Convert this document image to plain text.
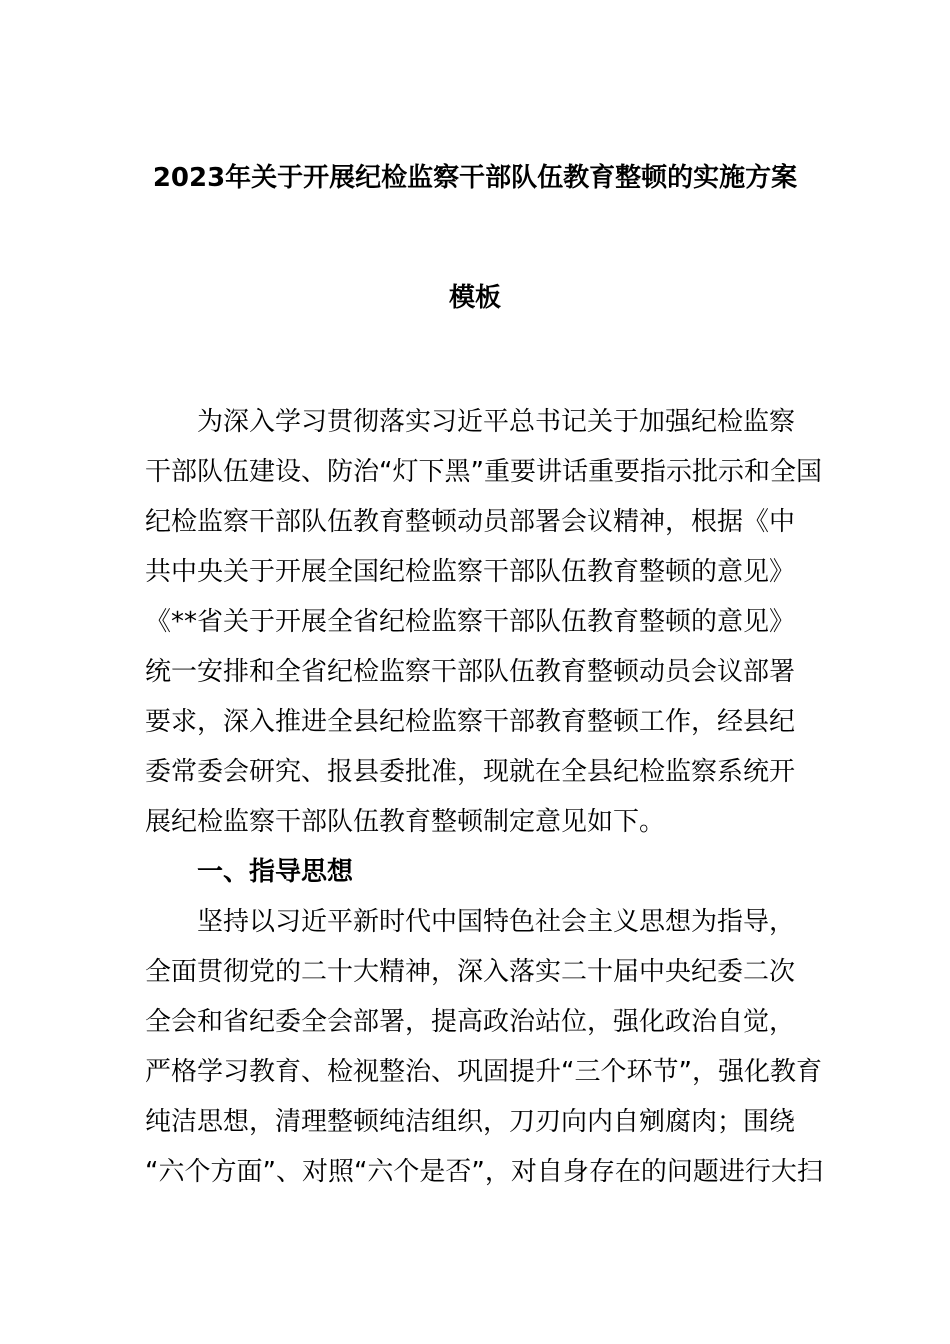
2023年关于开展纪检监察干部队伍教育整顿的实施方案
模板
为深入学习贯彻落实习近平总书记关于加强纪检监察
干部队伍建设、防治“灯下黑”重要讲话重要指示批示和全国
纪检监察干部队伍教育整顿动员部署会议精神，根据《中
共中央关于开展全国纪检监察干部队伍教育整顿的意见》
《**省关于开展全省纪检监察干部队伍教育整顿的意见》
统一安排和全省纪检监察干部队伍教育整顿动员会议部署
要求，深入推进全县纪检监察干部教育整顿工作，经县纪
委常委会研究、报县委批准，现就在全县纪检监察系统开
展纪检监察干部队伍教育整顿制定意见如下。
一、指导思想
坚持以习近平新时代中国特色社会主义思想为指导，
全面贯彻党的二十大精神，深入落实二十届中央纪委二次
全会和省纪委全会部署，提高政治站位，强化政治自觉，
严格学习教育、检视整治、巩固提升“三个环节”，强化教育
纯洁思想，清理整顿纯洁组织，刀刃向内自剜腐肉；围绕
“六个方面”、对照“六个是否”，对自身存在的问题进行大扫
